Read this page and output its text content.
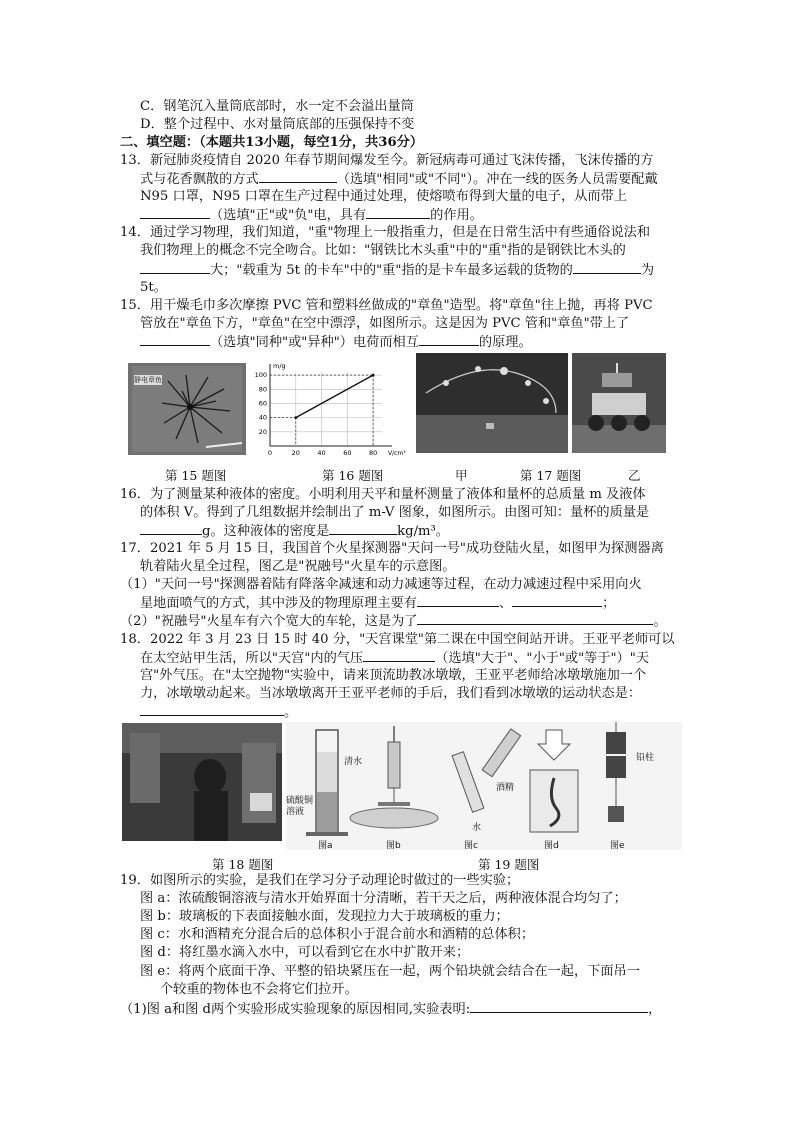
C．钢笔沉入量筒底部时，水一定不会溢出量筒
D．整个过程中、水对量筒底部的压强保持不变
二、填空题：（本题共13小题，每空1分，共36分）
13．新冠肺炎疫情自 2020 年春节期间爆发至今。新冠病毒可通过飞沫传播，飞沫传播的方
式与花香飘散的方式	（选填"相同"或"不同"）。冲在一线的医务人员需要配戴
N95 口罩，N95 口罩在生产过程中通过处理，使熔喷布得到大量的电子，从而带上
（选填"正"或"负"电，具有	的作用。
14．通过学习物理，我们知道，"重"物理上一般指重力，但是在日常生活中有些通俗说法和
我们物理上的概念不完全吻合。比如："钢铁比木头重"中的"重"指的是钢铁比木头的
大；"载重为 5t 的卡车"中的"重"指的是卡车最多运载的货物的	为
5t。
15．用干燥毛巾多次摩擦 PVC 管和塑料丝做成的"章鱼"造型。将"章鱼"往上抛，再将 PVC
管放在"章鱼下方，"章鱼"在空中漂浮，如图所示。这是因为 PVC 管和"章鱼"带上了
（选填"同种"或"异种"）电荷而相互	的原理。
静电章鱼
0	20	40	60	80
20
40
60
80
100
V/cm³
m/g
第 15 题图	第 16 题图	甲	第 17 题图	乙
16．为了测量某种液体的密度。小明利用天平和量杯测量了液体和量杯的总质量 m 及液体
的体积 V。得到了几组数据并绘制出了 m-V 图象，如图所示。由图可知：量杯的质量是
g。这种液体的密度是	kg/m³。
17．2021 年 5 月 15 日，我国首个火星探测器"天问一号"成功登陆火星，如图甲为探测器离
轨着陆火星全过程，图乙是"祝融号"火星车的示意图。
（1）"天问一号"探测器着陆有降落伞减速和动力减速等过程，在动力减速过程中采用向火
星地面喷气的方式，其中涉及的物理原理主要有	、	；
（2）"祝融号"火星车有六个宽大的车轮，这是为了	。
18．2022 年 3 月 23 日 15 时 40 分，"天宫课堂"第二课在中国空间站开讲。王亚平老师可以
在太空站甲生活，所以"天宫"内的气压	（选填"大于"、"小于"或"等于"）"天
宫"外气压。在"太空抛物"实验中，请来顶流助教冰墩墩，王亚平老师给冰墩墩施加一个
力，冰墩墩动起来。当冰墩墩离开王亚平老师的手后，我们看到冰墩墩的运动状态是：
。
清水
硫酸铜溶液
酒精
水
铅柱
图a	图b	图c	图d	图e
第 18 题图	第 19 题图
19．如图所示的实验，是我们在学习分子动理论时做过的一些实验；
图 a：浓硫酸铜溶液与清水开始界面十分清晰，若干天之后，两种液体混合均匀了；
图 b：玻璃板的下表面接触水面，发现拉力大于玻璃板的重力；
图 c：水和酒精充分混合后的总体积小于混合前水和酒精的总体积；
图 d：将红墨水滴入水中，可以看到它在水中扩散开来；
图 e：将两个底面干净、平整的铅块紧压在一起，两个铅块就会结合在一起，下面吊一
个较重的物体也不会将它们拉开。
（1)图 a和图 d两个实验形成实验现象的原因相同,实验表明:	，
